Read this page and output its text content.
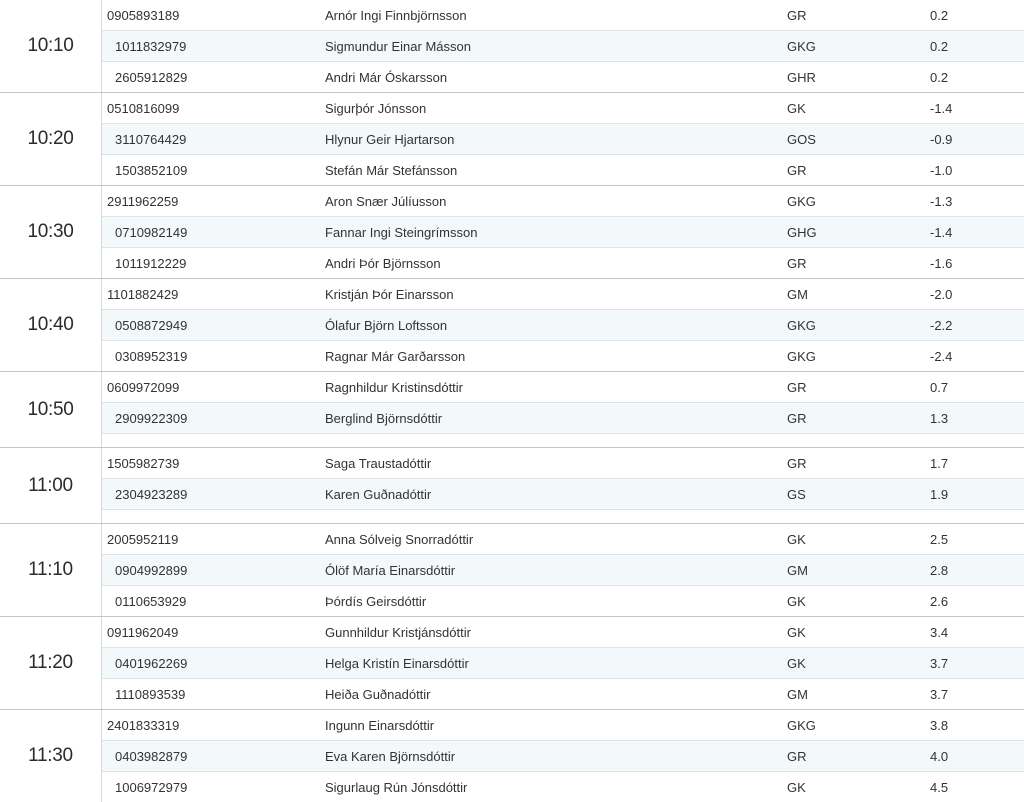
10:10
0905893189	Arnór Ingi Finnbjörnsson	GR	0.2
1011832979	Sigmundur Einar Másson	GKG	0.2
2605912829	Andri Már Óskarsson	GHR	0.2
10:20
0510816099	Sigurþór Jónsson	GK	-1.4
3110764429	Hlynur Geir Hjartarson	GOS	-0.9
1503852109	Stefán Már Stefánsson	GR	-1.0
10:30
2911962259	Aron Snær Júlíusson	GKG	-1.3
0710982149	Fannar Ingi Steingrímsson	GHG	-1.4
1011912229	Andri Þór Björnsson	GR	-1.6
10:40
1101882429	Kristján Þór Einarsson	GM	-2.0
0508872949	Ólafur Björn Loftsson	GKG	-2.2
0308952319	Ragnar Már Garðarsson	GKG	-2.4
10:50
0609972099	Ragnhildur Kristinsdóttir	GR	0.7
2909922309	Berglind Björnsdóttir	GR	1.3
11:00
1505982739	Saga Traustadóttir	GR	1.7
2304923289	Karen Guðnadóttir	GS	1.9
11:10
2005952119	Anna Sólveig Snorradóttir	GK	2.5
0904992899	Ólöf María Einarsdóttir	GM	2.8
0110653929	Þórdís Geirsdóttir	GK	2.6
11:20
0911962049	Gunnhildur Kristjánsdóttir	GK	3.4
0401962269	Helga Kristín Einarsdóttir	GK	3.7
1110893539	Heiða Guðnadóttir	GM	3.7
11:30
2401833319	Ingunn Einarsdóttir	GKG	3.8
0403982879	Eva Karen Björnsdóttir	GR	4.0
1006972979	Sigurlaug Rún Jónsdóttir	GK	4.5
